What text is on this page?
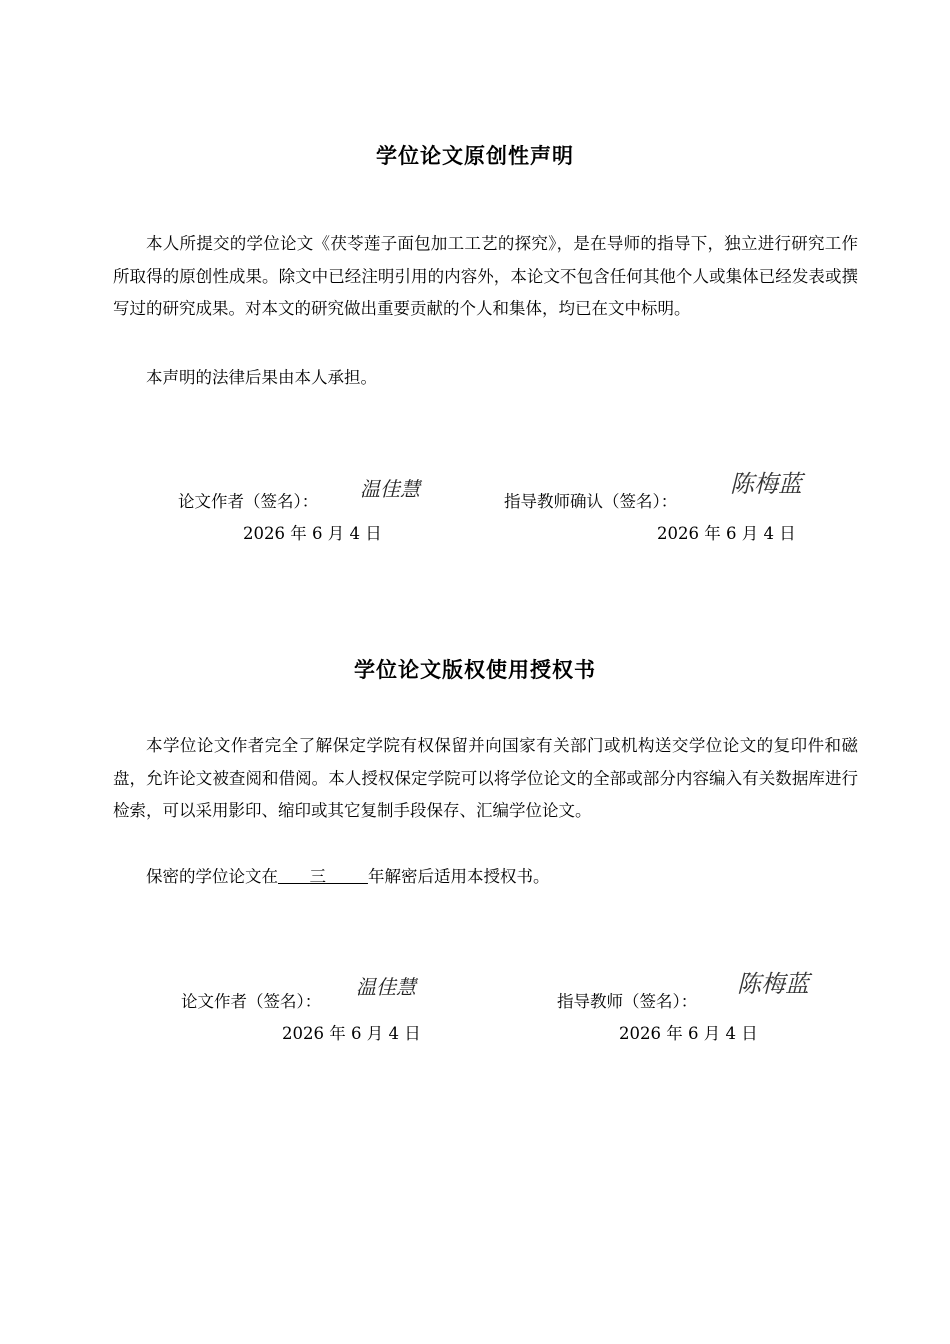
学位论文原创性声明

本人所提交的学位论文《茯苓莲子面包加工工艺的探究》，是在导师的指导下，独立进行研究工作所取得的原创性成果。除文中已经注明引用的内容外，本论文不包含任何其他个人或集体已经发表或撰写过的研究成果。对本文的研究做出重要贡献的个人和集体，均已在文中标明。

本声明的法律后果由本人承担。

论文作者（签名）：
温佳慧
2026 年 6 月 4 日
指导教师确认（签名）：
陈梅蓝
2026 年 6 月 4 日
学位论文版权使用授权书

本学位论文作者完全了解保定学院有权保留并向国家有关部门或机构送交学位论文的复印件和磁盘，允许论文被查阅和借阅。本人授权保定学院可以将学位论文的全部或部分内容编入有关数据库进行检索，可以采用影印、缩印或其它复制手段保存、汇编学位论文。

保密的学位论文在 三	年解密后适用本授权书。

论文作者（签名）：
温佳慧
2026 年 6 月 4 日
指导教师（签名）：
陈梅蓝
2026 年 6 月 4 日
